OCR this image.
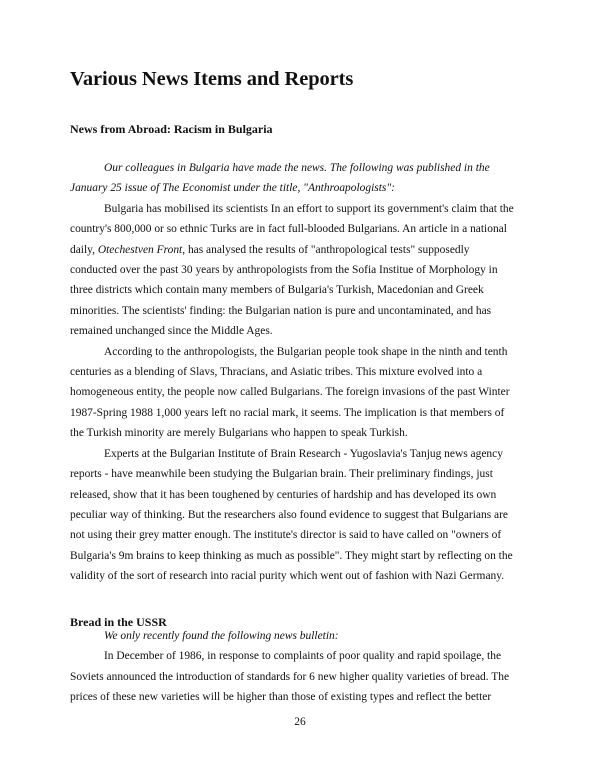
Various News Items and Reports
News from Abroad: Racism in Bulgaria
Our colleagues in Bulgaria have made the news. The following was published in the
January 25 issue of The Economist under the title, "Anthroapologists":
Bulgaria has mobilised its scientists In an effort to support its government's claim that the
country's 800,000 or so ethnic Turks are in fact full-blooded Bulgarians. An article in a national
daily, Otechestven Front, has analysed the results of "anthropological tests" supposedly
conducted over the past 30 years by anthropologists from the Sofia Institue of Morphology in
three districts which contain many members of Bulgaria's Turkish, Macedonian and Greek
minorities. The scientists' finding: the Bulgarian nation is pure and uncontaminated, and has
remained unchanged since the Middle Ages.
According to the anthropologists, the Bulgarian people took shape in the ninth and tenth
centuries as a blending of Slavs, Thracians, and Asiatic tribes. This mixture evolved into a
homogeneous entity, the people now called Bulgarians. The foreign invasions of the past Winter
1987-Spring 1988 1,000 years left no racial mark, it seems. The implication is that members of
the Turkish minority are merely Bulgarians who happen to speak Turkish.
Experts at the Bulgarian Institute of Brain Research - Yugoslavia's Tanjug news agency
reports - have meanwhile been studying the Bulgarian brain. Their preliminary findings, just
released, show that it has been toughened by centuries of hardship and has developed its own
peculiar way of thinking. But the researchers also found evidence to suggest that Bulgarians are
not using their grey matter enough. The institute's director is said to have called on "owners of
Bulgaria's 9m brains to keep thinking as much as possible". They might start by reflecting on the
validity of the sort of research into racial purity which went out of fashion with Nazi Germany.
Bread in the USSR
We only recently found the following news bulletin:
In December of 1986, in response to complaints of poor quality and rapid spoilage, the
Soviets announced the introduction of standards for 6 new higher quality varieties of bread. The
prices of these new varieties will be higher than those of existing types and reflect the better
26
